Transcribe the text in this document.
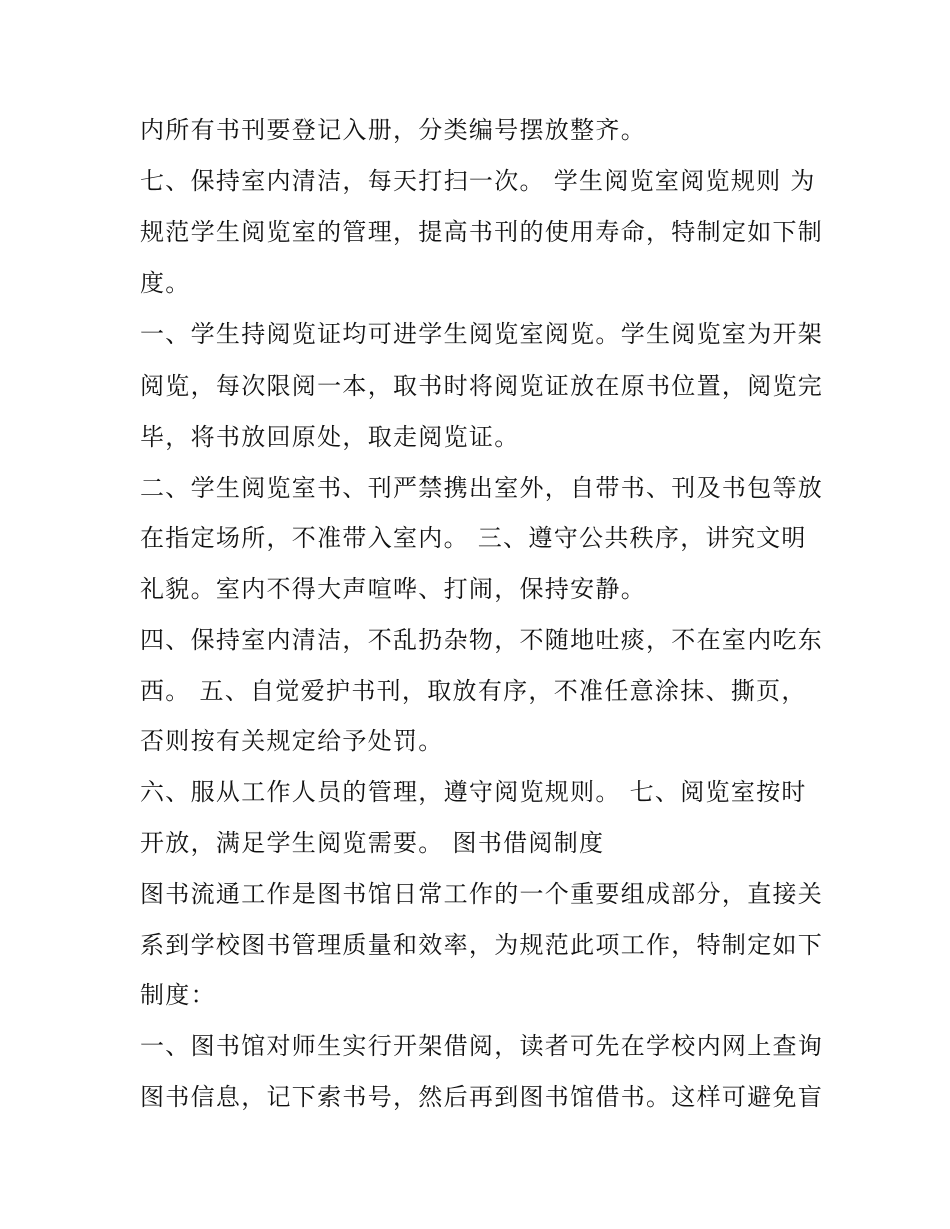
内所有书刊要登记入册，分类编号摆放整齐。
七、保持室内清洁，每天打扫一次。 学生阅览室阅览规则 为
规范学生阅览室的管理，提高书刊的使用寿命，特制定如下制
度。
一、学生持阅览证均可进学生阅览室阅览。学生阅览室为开架
阅览，每次限阅一本，取书时将阅览证放在原书位置，阅览完
毕，将书放回原处，取走阅览证。
二、学生阅览室书、刊严禁携出室外，自带书、刊及书包等放
在指定场所，不准带入室内。 三、遵守公共秩序，讲究文明
礼貌。室内不得大声喧哗、打闹，保持安静。
四、保持室内清洁，不乱扔杂物，不随地吐痰，不在室内吃东
西。 五、自觉爱护书刊，取放有序，不准任意涂抹、撕页，
否则按有关规定给予处罚。
六、服从工作人员的管理，遵守阅览规则。 七、阅览室按时
开放，满足学生阅览需要。 图书借阅制度
图书流通工作是图书馆日常工作的一个重要组成部分，直接关
系到学校图书管理质量和效率，为规范此项工作，特制定如下
制度：
一、图书馆对师生实行开架借阅，读者可先在学校内网上查询
图书信息，记下索书号，然后再到图书馆借书。这样可避免盲
